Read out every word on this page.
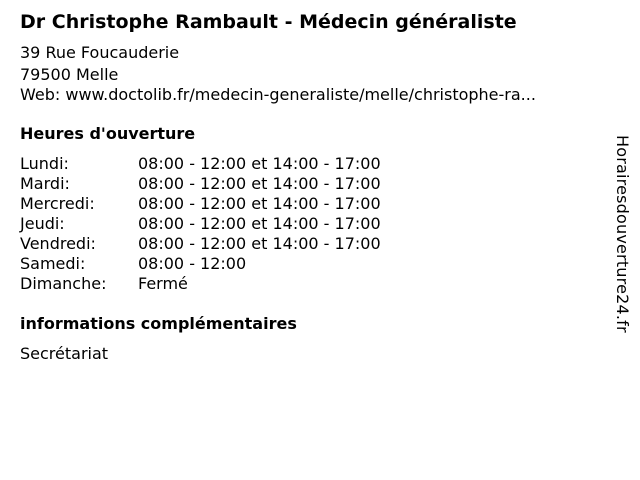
Dr Christophe Rambault - Médecin généraliste
39 Rue Foucauderie
79500 Melle
Web: www.doctolib.fr/medecin-generaliste/melle/christophe-ra...
Heures d'ouverture
Lundi:	08:00 - 12:00 et 14:00 - 17:00
Mardi:	08:00 - 12:00 et 14:00 - 17:00
Mercredi:	08:00 - 12:00 et 14:00 - 17:00
Jeudi:	08:00 - 12:00 et 14:00 - 17:00
Vendredi:	08:00 - 12:00 et 14:00 - 17:00
Samedi:	08:00 - 12:00
Dimanche:	Fermé
informations complémentaires
Secrétariat
Horairesdouverture24.fr
